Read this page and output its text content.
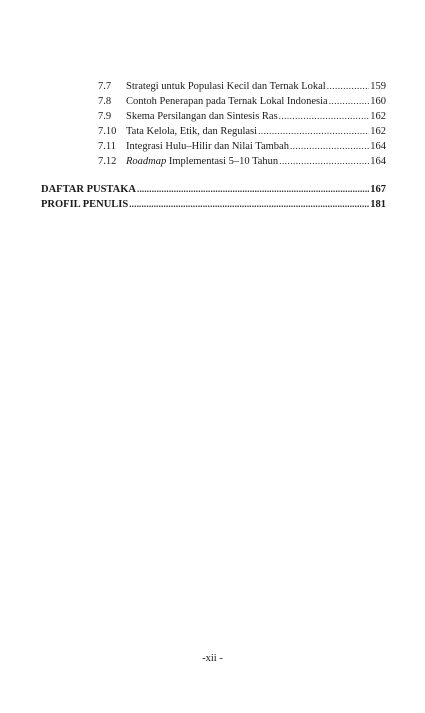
7.7	Strategi untuk Populasi Kecil dan Ternak Lokal .....	159
7.8	Contoh Penerapan pada Ternak Lokal Indonesia .....	160
7.9	Skema Persilangan dan Sintesis Ras .....	162
7.10 Tata Kelola, Etik, dan Regulasi .....	162
7.11 Integrasi Hulu–Hilir dan Nilai Tambah .....	164
7.12 Roadmap Implementasi 5–10 Tahun .....	164
DAFTAR PUSTAKA .....	167
PROFIL PENULIS .....	181
-xii -
